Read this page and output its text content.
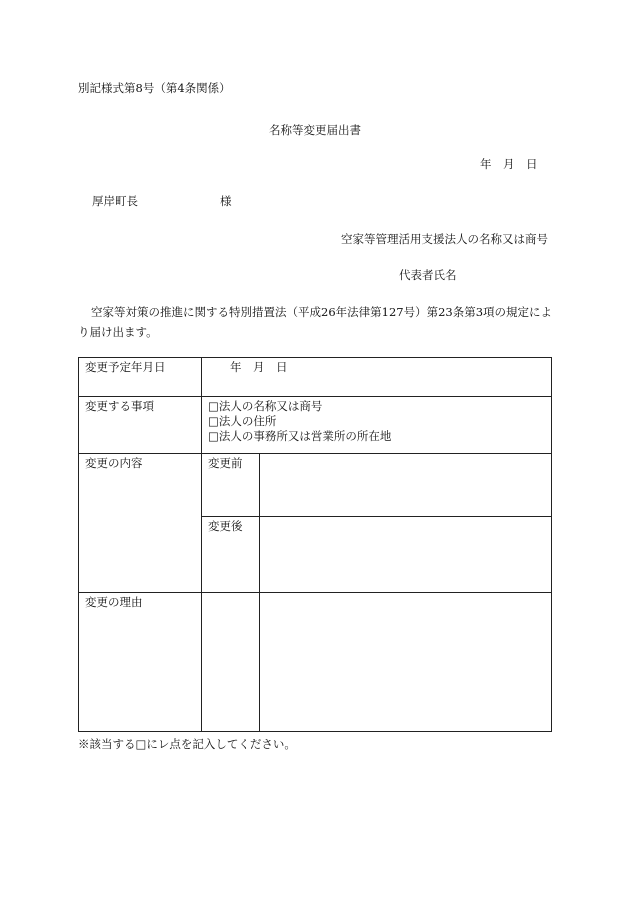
別記様式第8号（第4条関係）
名称等変更届出書
年　月　日
厚岸町長	様
空家等管理活用支援法人の名称又は商号
代表者氏名
空家等対策の推進に関する特別措置法（平成26年法律第127号）第23条第3項の規定により届け出ます。
変更予定年月日	年　月　日	
変更する事項	□法人の名称又は商号
□法人の住所
□法人の事務所又は営業所の所在地	

変更の内容	変更前	
	変更後	
変更の理由		
※該当する□にレ点を記入してください。
